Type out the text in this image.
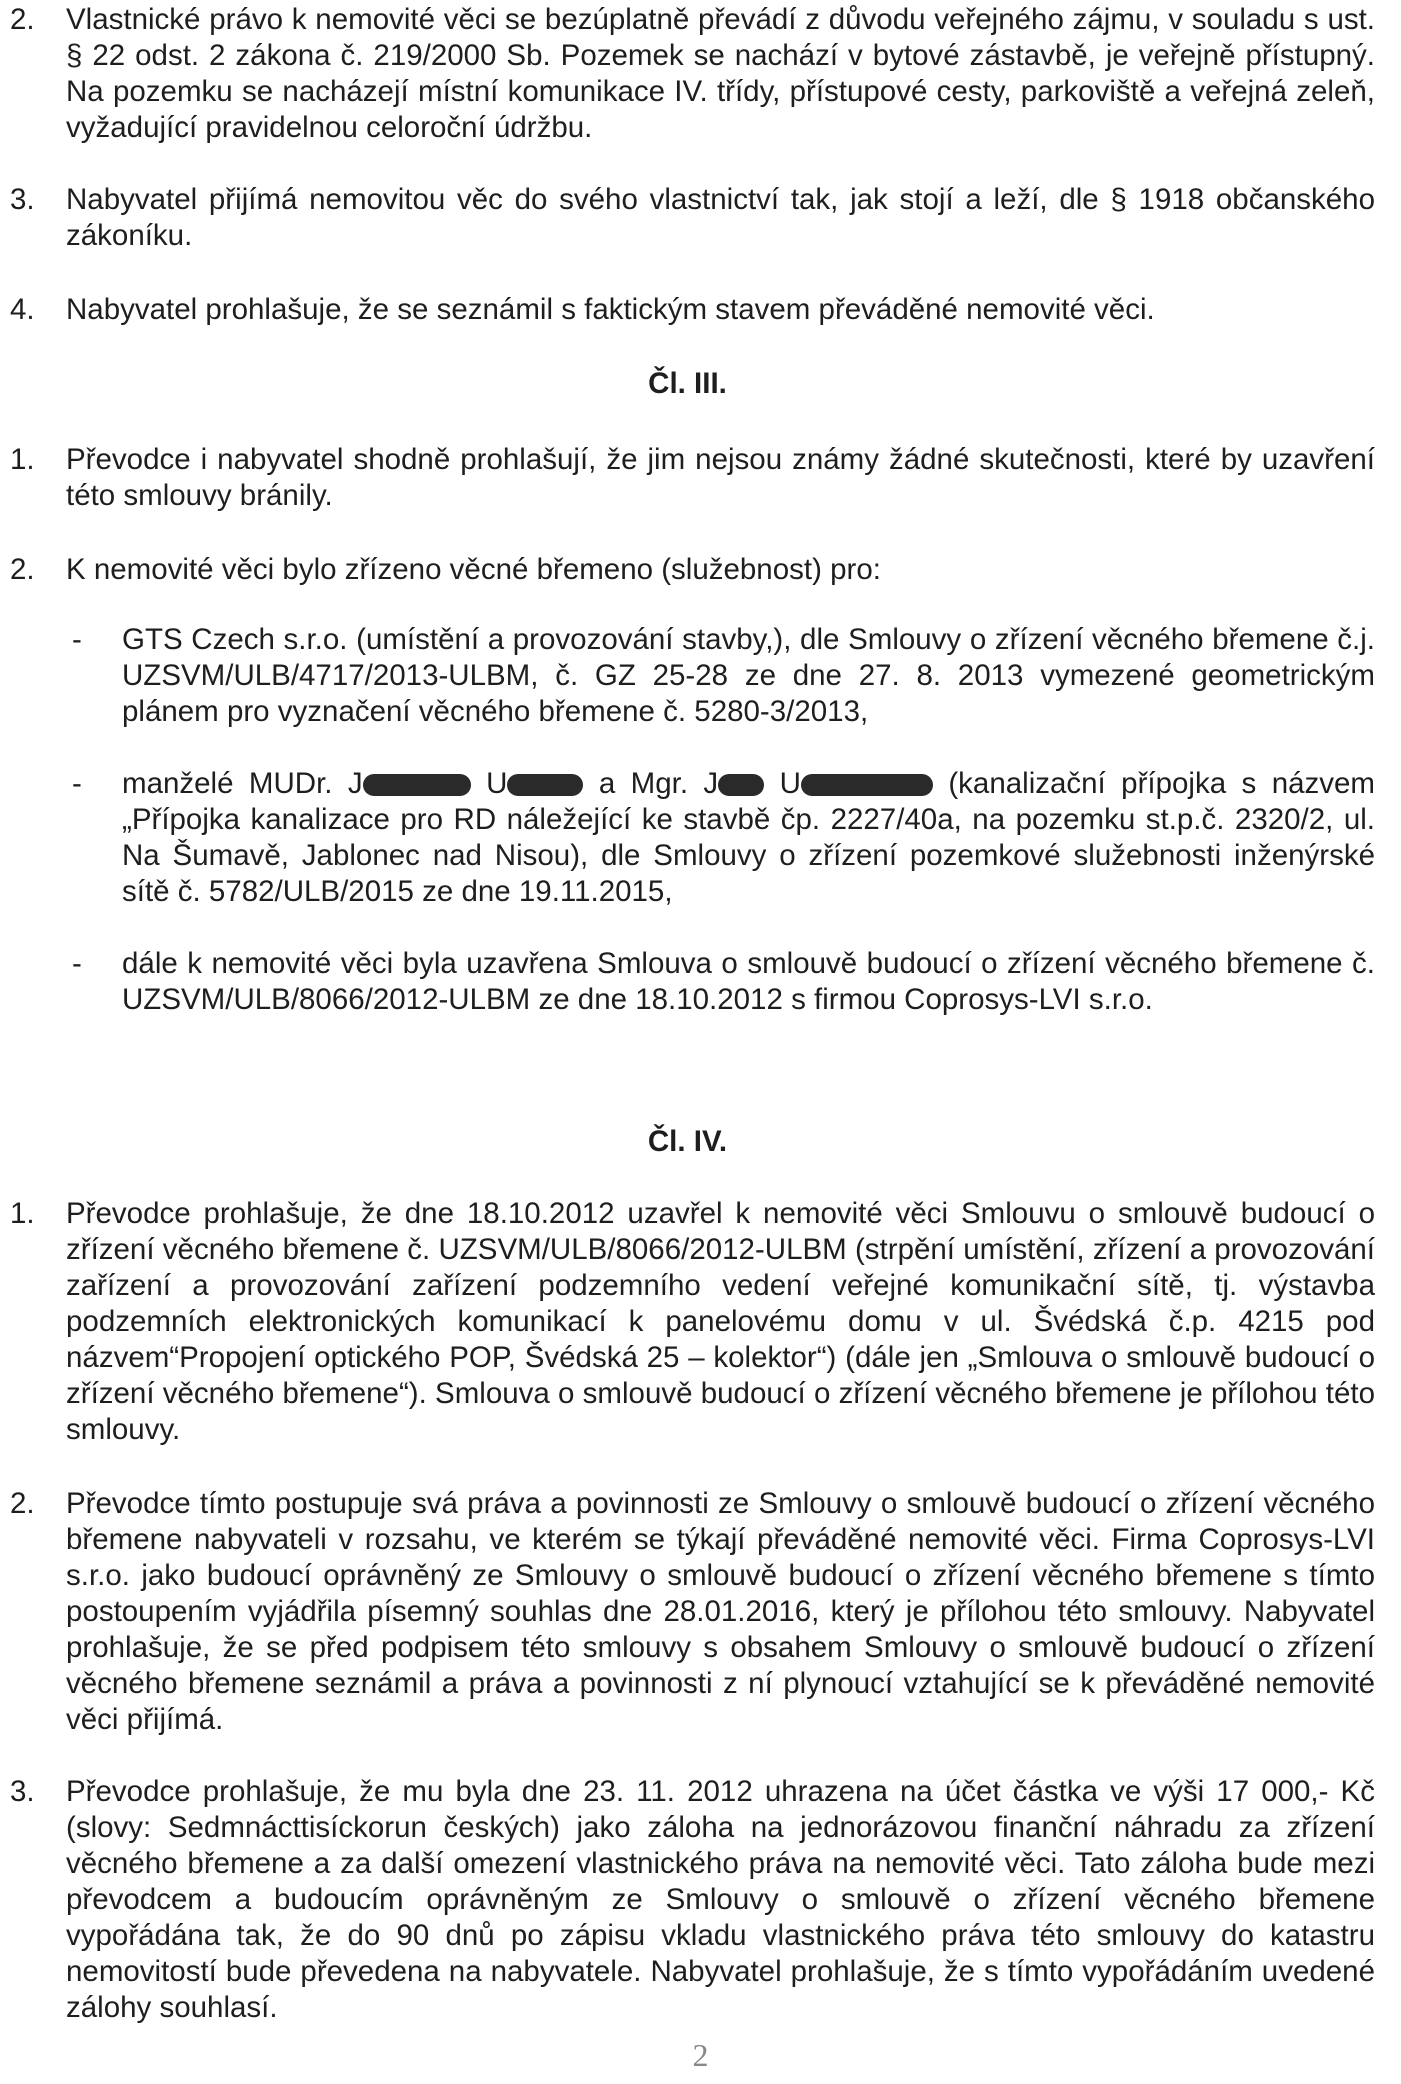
2.	Vlastnické právo k nemovité věci se bezúplatně převádí z důvodu veřejného zájmu, v souladu s ust. § 22 odst. 2 zákona č. 219/2000 Sb. Pozemek se nachází v bytové zástavbě, je veřejně přístupný. Na pozemku se nacházejí místní komunikace IV. třídy, přístupové cesty, parkoviště a veřejná zeleň, vyžadující pravidelnou celoroční údržbu.
3.	Nabyvatel přijímá nemovitou věc do svého vlastnictví tak, jak stojí a leží, dle § 1918 občanského zákoníku.
4.	Nabyvatel prohlašuje, že se seznámil s faktickým stavem převáděné nemovité věci.
Čl. III.
1.	Převodce i nabyvatel shodně prohlašují, že jim nejsou známy žádné skutečnosti, které by uzavření této smlouvy bránily.
2.	K nemovité věci bylo zřízeno věcné břemeno (služebnost) pro:
-	GTS Czech s.r.o. (umístění a provozování stavby,), dle Smlouvy o zřízení věcného břemene č.j. UZSVM/ULB/4717/2013-ULBM, č. GZ 25-28 ze dne 27. 8. 2013 vymezené geometrickým plánem pro vyznačení věcného břemene č. 5280-3/2013,
-	manželé MUDr. J	U	a Mgr. J U	(kanalizační přípojka s názvem „Přípojka kanalizace pro RD náležející ke stavbě čp. 2227/40a, na pozemku st.p.č. 2320/2, ul. Na Šumavě, Jablonec nad Nisou), dle Smlouvy o zřízení pozemkové služebnosti inženýrské sítě č. 5782/ULB/2015 ze dne 19.11.2015,
-	dále k nemovité věci byla uzavřena Smlouva o smlouvě budoucí o zřízení věcného břemene č. UZSVM/ULB/8066/2012-ULBM ze dne 18.10.2012 s firmou Coprosys-LVI s.r.o.
Čl. IV.
1.	Převodce prohlašuje, že dne 18.10.2012 uzavřel k nemovité věci Smlouvu o smlouvě budoucí o zřízení věcného břemene č. UZSVM/ULB/8066/2012-ULBM (strpění umístění, zřízení a provozování zařízení a provozování zařízení podzemního vedení veřejné komunikační sítě, tj. výstavba podzemních elektronických komunikací k panelovému domu v ul. Švédská č.p. 4215 pod názvem“Propojení optického POP, Švédská 25 – kolektor“) (dále jen „Smlouva o smlouvě budoucí o zřízení věcného břemene“). Smlouva o smlouvě budoucí o zřízení věcného břemene je přílohou této smlouvy.
2.	Převodce tímto postupuje svá práva a povinnosti ze Smlouvy o smlouvě budoucí o zřízení věcného břemene nabyvateli v rozsahu, ve kterém se týkají převáděné nemovité věci. Firma Coprosys-LVI s.r.o. jako budoucí oprávněný ze Smlouvy o smlouvě budoucí o zřízení věcného břemene s tímto postoupením vyjádřila písemný souhlas dne 28.01.2016, který je přílohou této smlouvy. Nabyvatel prohlašuje, že se před podpisem této smlouvy s obsahem Smlouvy o smlouvě budoucí o zřízení věcného břemene seznámil a práva a povinnosti z ní plynoucí vztahující se k převáděné nemovité věci přijímá.
3.	Převodce prohlašuje, že mu byla dne 23. 11. 2012 uhrazena na účet částka ve výši 17 000,- Kč (slovy: Sedmnácttisíckorun českých) jako záloha na jednorázovou finanční náhradu za zřízení věcného břemene a za další omezení vlastnického práva na nemovité věci. Tato záloha bude mezi převodcem a budoucím oprávněným ze Smlouvy o smlouvě o zřízení věcného břemene vypořádána tak, že do 90 dnů po zápisu vkladu vlastnického práva této smlouvy do katastru nemovitostí bude převedena na nabyvatele. Nabyvatel prohlašuje, že s tímto vypořádáním uvedené zálohy souhlasí.
2
